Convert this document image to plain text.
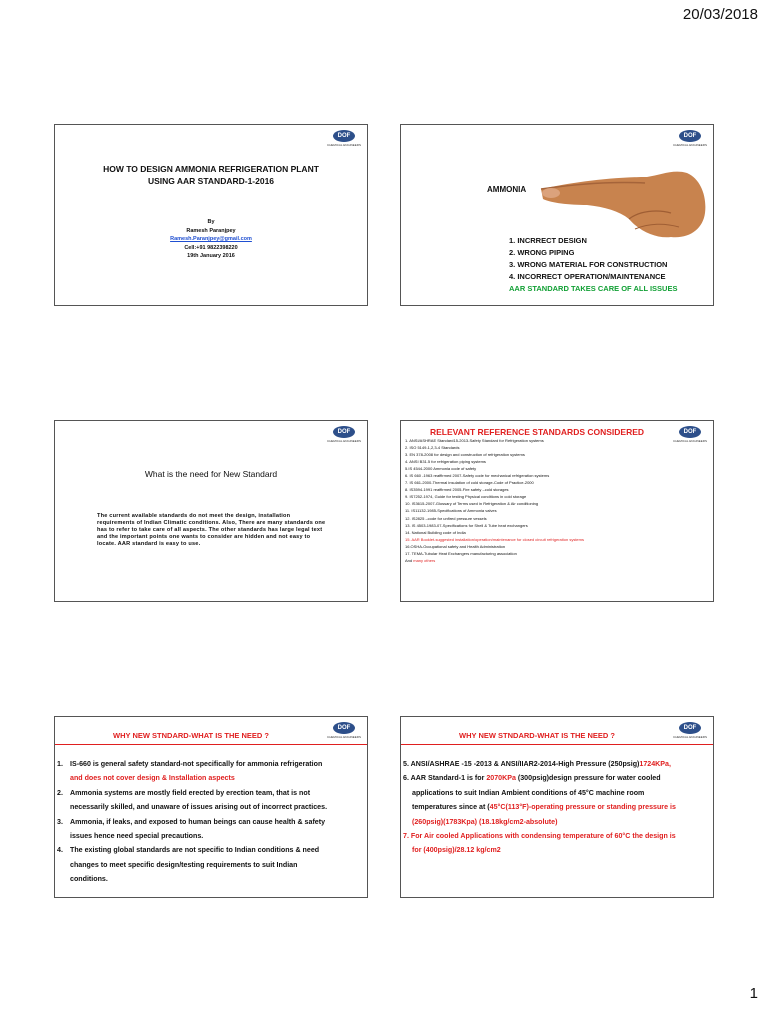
20/03/2018
DOF
CHEMICAL ENGINEERS
HOW TO DESIGN AMMONIA REFRIGERATION PLANT
USING AAR STANDARD-1-2016
By
Ramesh Paranjpey
Ramesh.Paranjpey@gmail.com
Cell:+91 9822398220
19th January 2016
DOF
CHEMICAL ENGINEERS
AMMONIA
1. INCRRECT DESIGN
2. WRONG PIPING
3. WRONG MATERIAL FOR CONSTRUCTION
4. INCORRECT OPERATION/MAINTENANCE
AAR STANDARD TAKES CARE OF ALL ISSUES
DOF
CHEMICAL ENGINEERS
What is the need for New Standard
The current available standards do not meet the design, installation requirements of Indian Climatic conditions. Also, There are many standards one has to refer to take care of all aspects. The other standards has large legal text and the important points one wants to consider are hidden and not easy to locate. AAR standard is easy to use.
DOF
CHEMICAL ENGINEERS
RELEVANT REFERENCE STANDARDS CONSIDERED
1. ANSI/ASHRAE Standard15-2013-Safety Standard for Refrigeration systems
2. ISO 5149-1,2,3-4 Standards
3. EN 378-2008 for design and construction of refrigeration systems
4. ANSI B31.5 for refrigeration piping systems
5.IS 4544-2000 Ammonia code of safety
6. IS 660 -1963 reaffirmed 2007-Safety code for mechanical refrigeration systems
7. IS 661-2000-Thermal insulation of cold storage-Code of Practice-2000
8. IS3594-1991 reaffirmed 2005-Fire safety –cold storages
9. IS7252-1974, Guide for testing Physical conditions in cold storage
10. IS3615-2007-Glossary of Terms used in Refrigeration & Air conditioning
11. IS11132-1985-Specifications of Ammonia valves
12. IS2825 –code for unfired pressure vessels
13. IS 4503-1983-07-Specifications for Shell & Tube heat exchangers
14. National Building code of India
15. AAR Booklet-suggested installation/operation/maintenance for closed circuit refrigeration systems
16.OSHA-Occupational safety and Health Administration
17. TEMA-Tubular Heat Exchangers manufacturing association
And many others
DOF
CHEMICAL ENGINEERS
WHY NEW STNDARD-WHAT IS THE NEED ?
1. IS-660 is general safety standard-not specifically for ammonia refrigeration
and does not cover design & Installation aspects
2. Ammonia systems are mostly field erected by erection team, that is not
necessarily skilled, and unaware of issues arising out of incorrect practices.
3. Ammonia, if leaks, and exposed to human beings can cause health & safety
issues hence need special precautions.
4. The existing global standards are not specific to Indian conditions & need
changes to meet specific design/testing requirements to suit Indian
conditions.
DOF
CHEMICAL ENGINEERS
WHY NEW STNDARD-WHAT IS THE NEED ?
5. ANSI/ASHRAE -15 -2013 & ANSI/IIAR2-2014-High Pressure (250psig)1724KPa,
6. AAR Standard-1 is for 2070KPa (300psig)design pressure for water cooled
applications to suit Indian Ambient conditions of 45°C machine room
temperatures since at (45°C(113°F)-operating pressure or standing pressure is
(260psig)(1783Kpa) (18.18kg/cm2-absolute)
7. For Air cooled Applications with condensing temperature of 60°C the design is
for (400psig)/28.12 kg/cm2
1
